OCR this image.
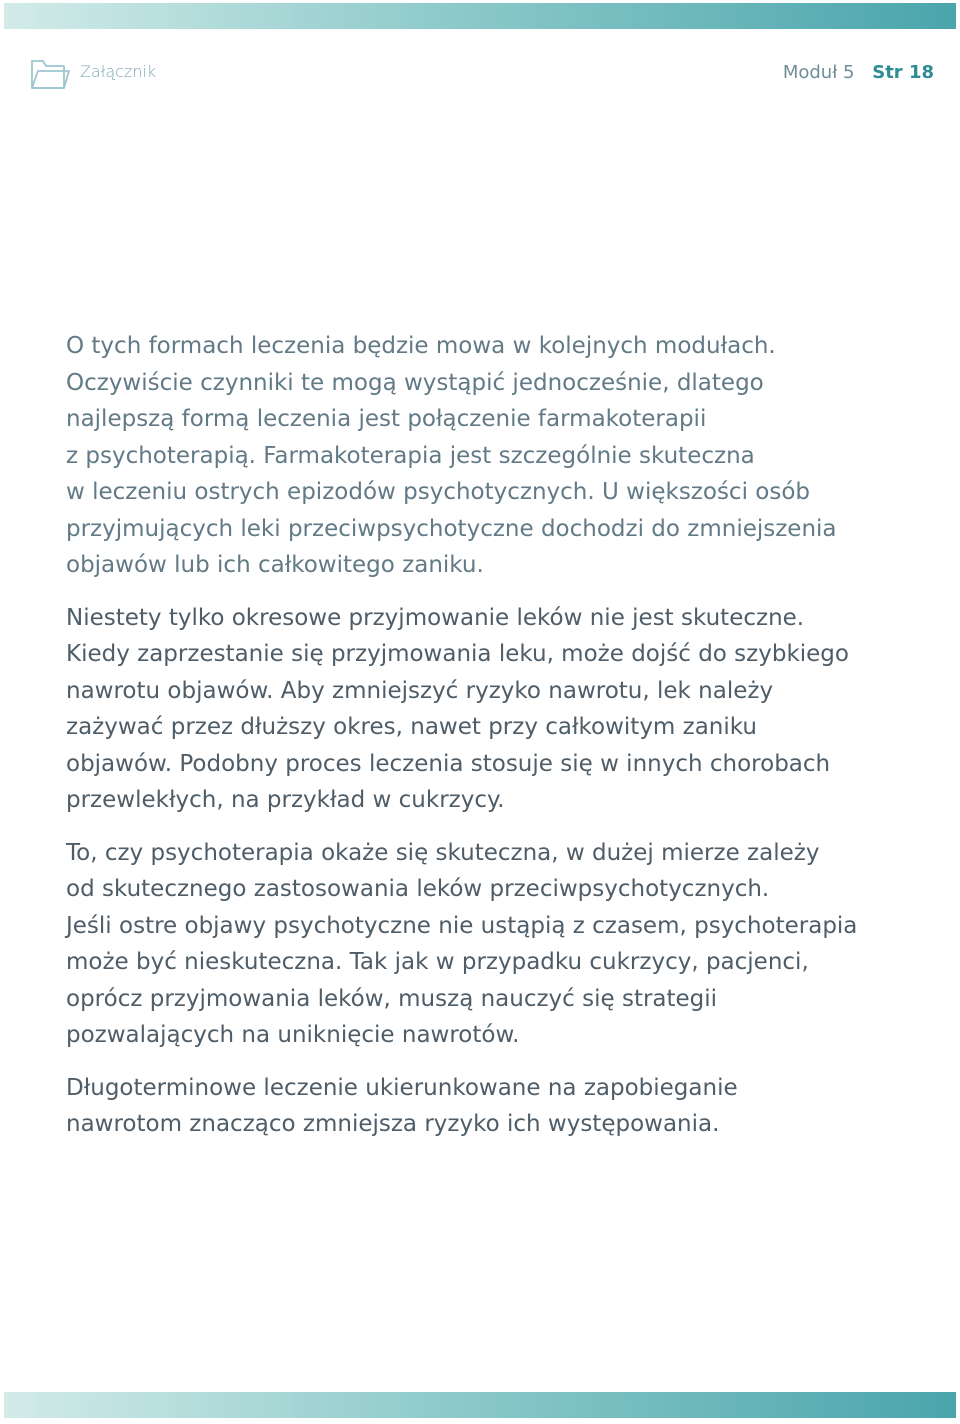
Załącznik	Moduł 5 Str 18

O tych formach leczenia będzie mowa w kolejnych modułach.
Oczywiście czynniki te mogą wystąpić jednocześnie, dlatego
najlepszą formą leczenia jest połączenie farmakoterapii
z psychoterapią. Farmakoterapia jest szczególnie skuteczna
w leczeniu ostrych epizodów psychotycznych. U większości osób
przyjmujących leki przeciwpsychotyczne dochodzi do zmniejszenia
objawów lub ich całkowitego zaniku.

Niestety tylko okresowe przyjmowanie leków nie jest skuteczne.
Kiedy zaprzestanie się przyjmowania leku, może dojść do szybkiego
nawrotu objawów. Aby zmniejszyć ryzyko nawrotu, lek należy
zażywać przez dłuższy okres, nawet przy całkowitym zaniku
objawów. Podobny proces leczenia stosuje się w innych chorobach
przewlekłych, na przykład w cukrzycy.

To, czy psychoterapia okaże się skuteczna, w dużej mierze zależy
od skutecznego zastosowania leków przeciwpsychotycznych.
Jeśli ostre objawy psychotyczne nie ustąpią z czasem, psychoterapia
może być nieskuteczna. Tak jak w przypadku cukrzycy, pacjenci,
oprócz przyjmowania leków, muszą nauczyć się strategii
pozwalających na uniknięcie nawrotów.

Długoterminowe leczenie ukierunkowane na zapobieganie
nawrotom znacząco zmniejsza ryzyko ich występowania.
